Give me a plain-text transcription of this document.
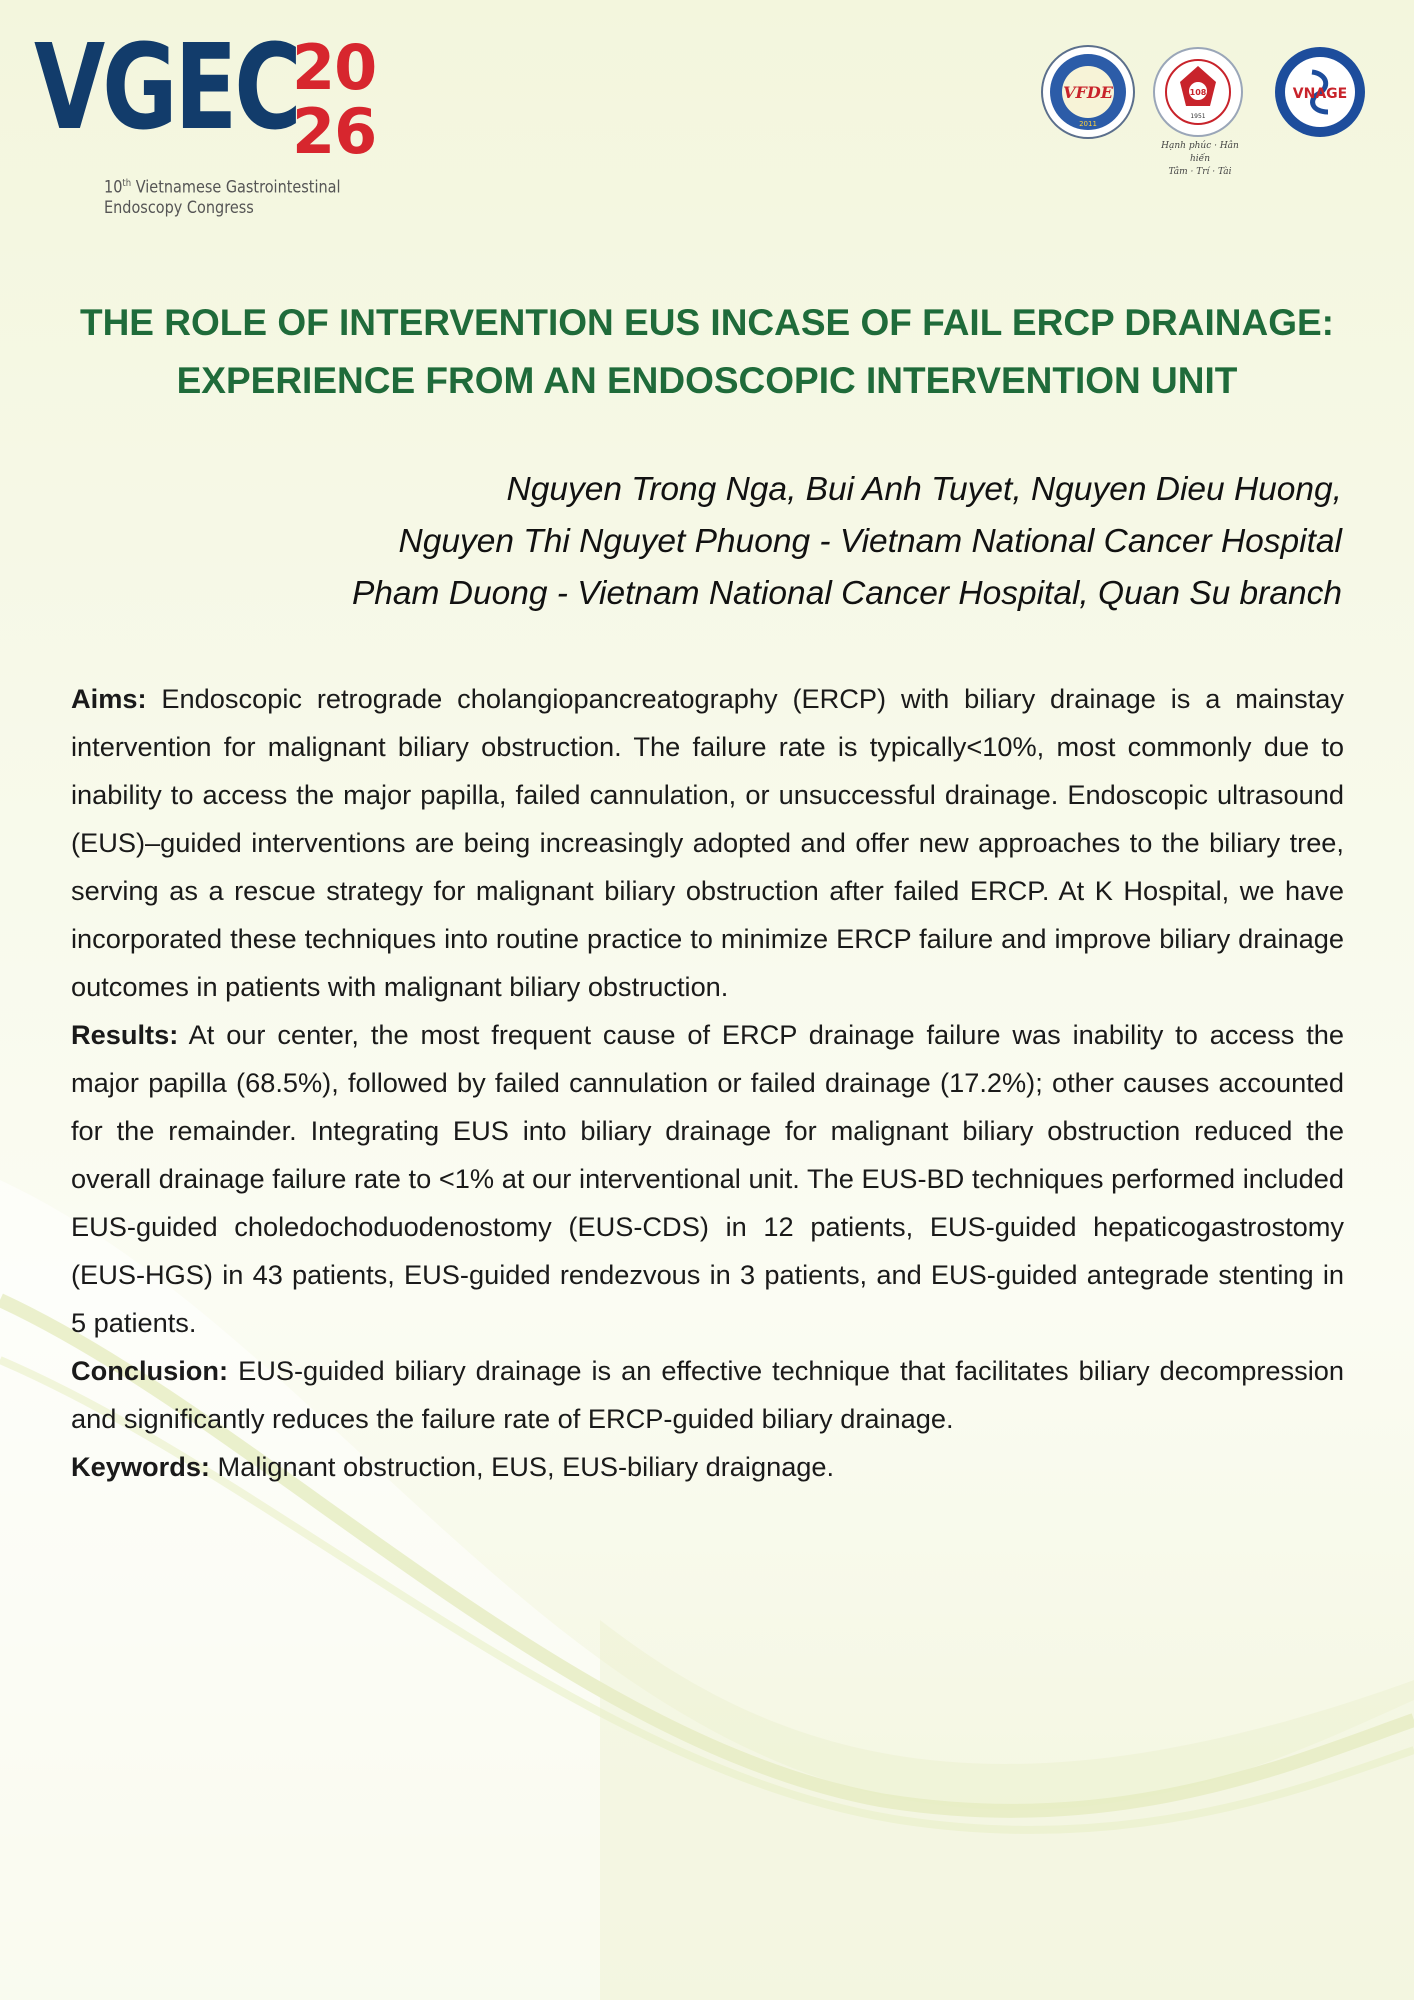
VGEC
20
26
10th Vietnamese Gastrointestinal
Endoscopy Congress
VFDE
2011
108
1951
Hạnh phúc · Hân hiến
Tâm · Trí · Tài
VNAGE
THE ROLE OF INTERVENTION EUS INCASE OF FAIL ERCP DRAINAGE:
EXPERIENCE FROM AN ENDOSCOPIC INTERVENTION UNIT
Nguyen Trong Nga, Bui Anh Tuyet, Nguyen Dieu Huong,
Nguyen Thi Nguyet Phuong - Vietnam National Cancer Hospital
Pham Duong - Vietnam National Cancer Hospital, Quan Su branch

Aims: Endoscopic retrograde cholangiopancreatography (ERCP) with biliary drainage is a mainstay intervention for malignant biliary obstruction. The failure rate is typically<10%, most commonly due to inability to access the major papilla, failed cannulation, or unsuccessful drainage. Endoscopic ultrasound (EUS)–guided interventions are being increasingly adopted and offer new approaches to the biliary tree, serving as a rescue strategy for malignant biliary obstruction after failed ERCP. At K Hospital, we have incorporated these techniques into routine practice to minimize ERCP failure and improve biliary drainage outcomes in patients with malignant biliary obstruction.

Results: At our center, the most frequent cause of ERCP drainage failure was inability to access the major papilla (68.5%), followed by failed cannulation or failed drainage (17.2%); other causes accounted for the remainder. Integrating EUS into biliary drainage for malignant biliary obstruction reduced the overall drainage failure rate to <1% at our interventional unit. The EUS-BD techniques performed included EUS-guided choledochoduodenostomy (EUS-CDS) in 12 patients, EUS-guided hepaticogastrostomy (EUS-HGS) in 43 patients, EUS-guided rendezvous in 3 patients, and EUS-guided antegrade stenting in 5 patients.

Conclusion: EUS-guided biliary drainage is an effective technique that facilitates biliary decompression and significantly reduces the failure rate of ERCP-guided biliary drainage.

Keywords: Malignant obstruction, EUS, EUS-biliary draignage.
